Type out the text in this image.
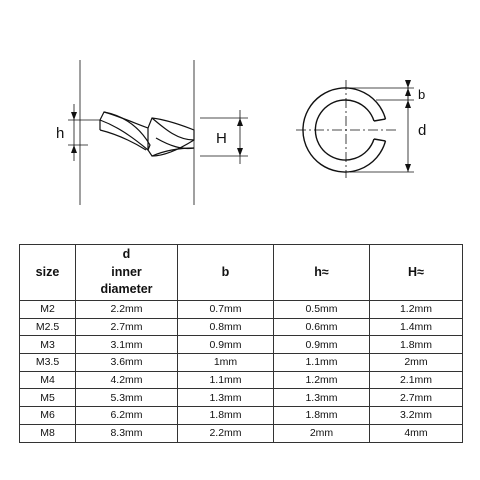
h	H
b
d
size	d
inner
diameter	b	h≈	H≈

M2	2.2mm	0.7mm	0.5mm	1.2mm
M2.5	2.7mm	0.8mm	0.6mm	1.4mm
M3	3.1mm	0.9mm	0.9mm	1.8mm
M3.5	3.6mm	1mm	1.1mm	2mm
M4	4.2mm	1.1mm	1.2mm	2.1mm
M5	5.3mm	1.3mm	1.3mm	2.7mm
M6	6.2mm	1.8mm	1.8mm	3.2mm
M8	8.3mm	2.2mm	2mm	4mm
